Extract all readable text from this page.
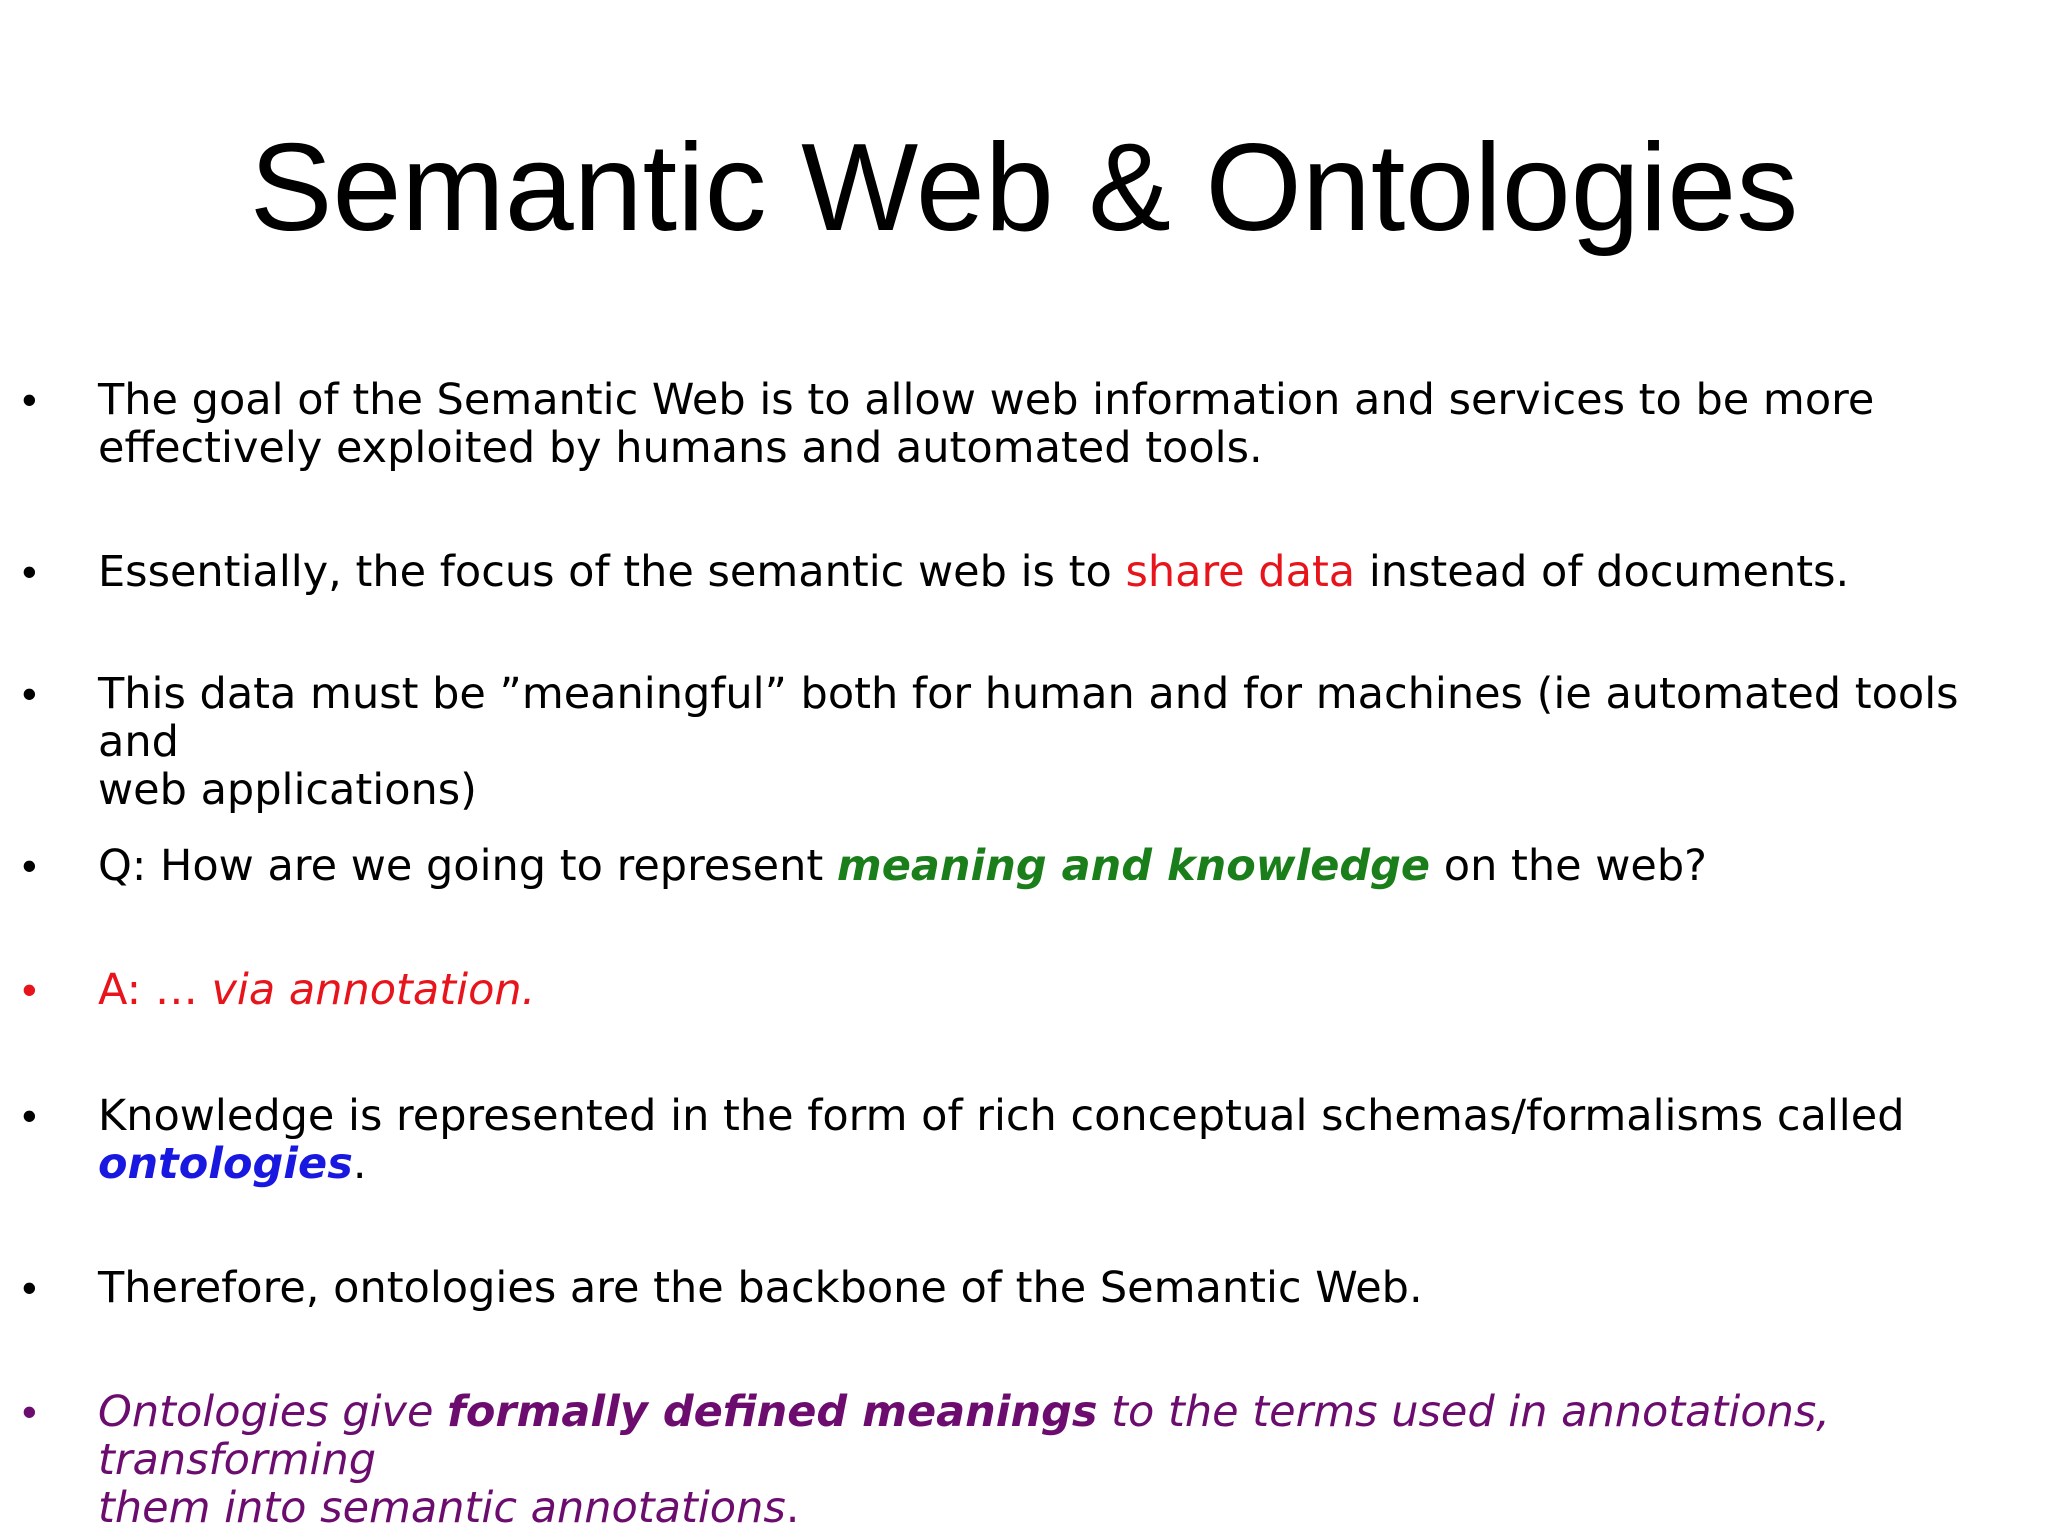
Semantic Web & Ontologies
• The goal of the Semantic Web is to allow web information and services to be more
effectively exploited by humans and automated tools.
• Essentially, the focus of the semantic web is to share data instead of documents.
• This data must be ”meaningful” both for human and for machines (ie automated tools and
web applications)
• Q: How are we going to represent meaning and knowledge on the web?
• A: … via annotation.
• Knowledge is represented in the form of rich conceptual schemas/formalisms called
ontologies.
• Therefore, ontologies are the backbone of the Semantic Web.
• Ontologies give formally defined meanings to the terms used in annotations, transforming
them into semantic annotations.
